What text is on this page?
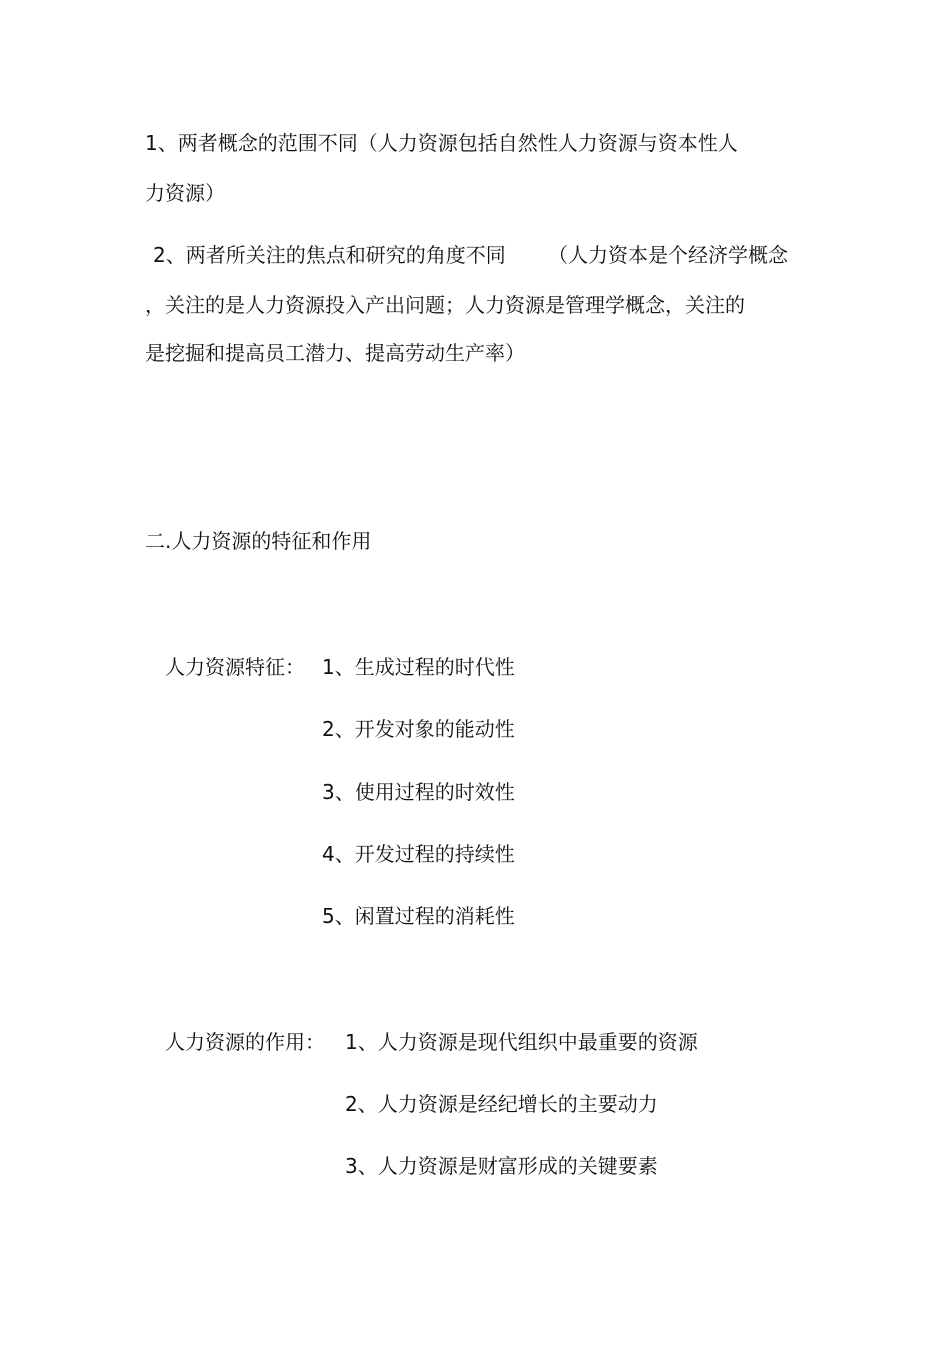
1、两者概念的范围不同（人力资源包括自然性人力资源与资本性人
力资源）
2、两者所关注的焦点和研究的角度不同 （人力资本是个经济学概念
，关注的是人力资源投入产出问题；人力资源是管理学概念，关注的
是挖掘和提高员工潜力、提高劳动生产率）
二.人力资源的特征和作用
人力资源特征： 1、生成过程的时代性
2、开发对象的能动性
3、使用过程的时效性
4、开发过程的持续性
5、闲置过程的消耗性
人力资源的作用： 1、人力资源是现代组织中最重要的资源
2、人力资源是经纪增长的主要动力
3、人力资源是财富形成的关键要素
